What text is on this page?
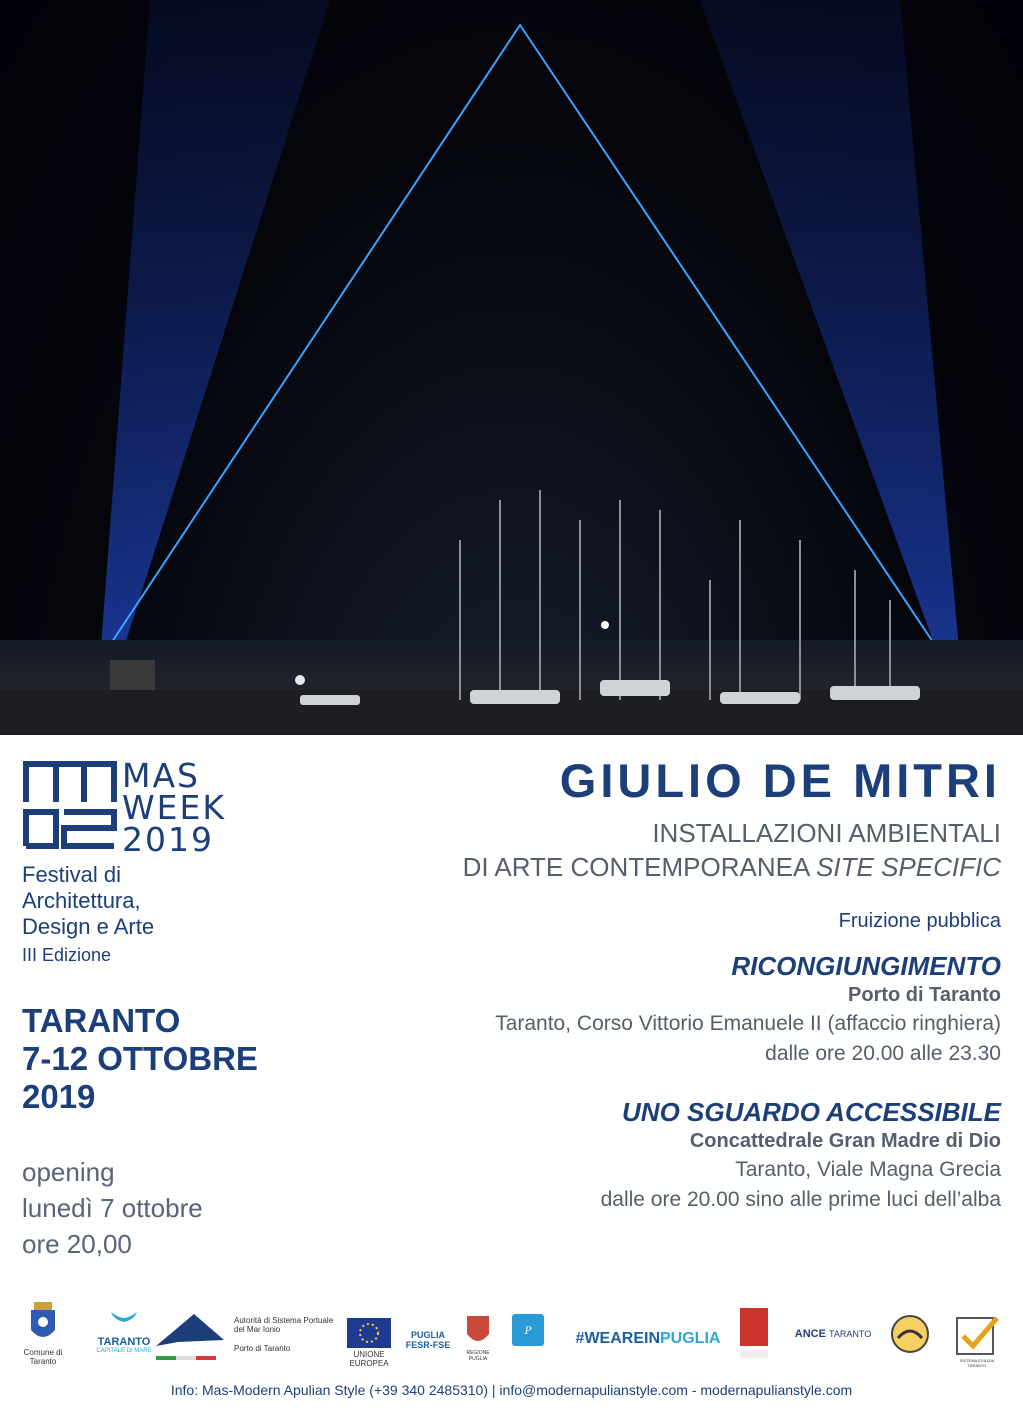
MAS
WEEK
2019
Festival di
Architettura,
Design e Arte
III Edizione
TARANTO
7-12 OTTOBRE
2019
opening
lunedì 7 ottobre
ore 20,00
GIULIO DE MITRI
INSTALLAZIONI AMBIENTALI
DI ARTE CONTEMPORANEA SITE SPECIFIC
Fruizione pubblica
RICONGIUNGIMENTO
Porto di Taranto
Taranto, Corso Vittorio Emanuele II (affaccio ringhiera)
dalle ore 20.00 alle 23.30
UNO SGUARDO ACCESSIBILE
Concattedrale Gran Madre di Dio
Taranto, Viale Magna Grecia
dalle ore 20.00 sino alle prime luci dell’alba
Comune di Taranto
TARANTO
CAPITALE DI MARE
Autorità di Sistema Portuale del Mar Ionio
Porto di Taranto
UNIONE EUROPEA
PUGLIA FESR-FSE
REGIONE PUGLIA
P	#WEAREINPUGLIA	ANCE TARANTO
SISTEMA EDILIZIA TARANTO
Info: Mas-Modern Apulian Style (+39 340 2485310) | info@modernapulianstyle.com - modernapulianstyle.com
